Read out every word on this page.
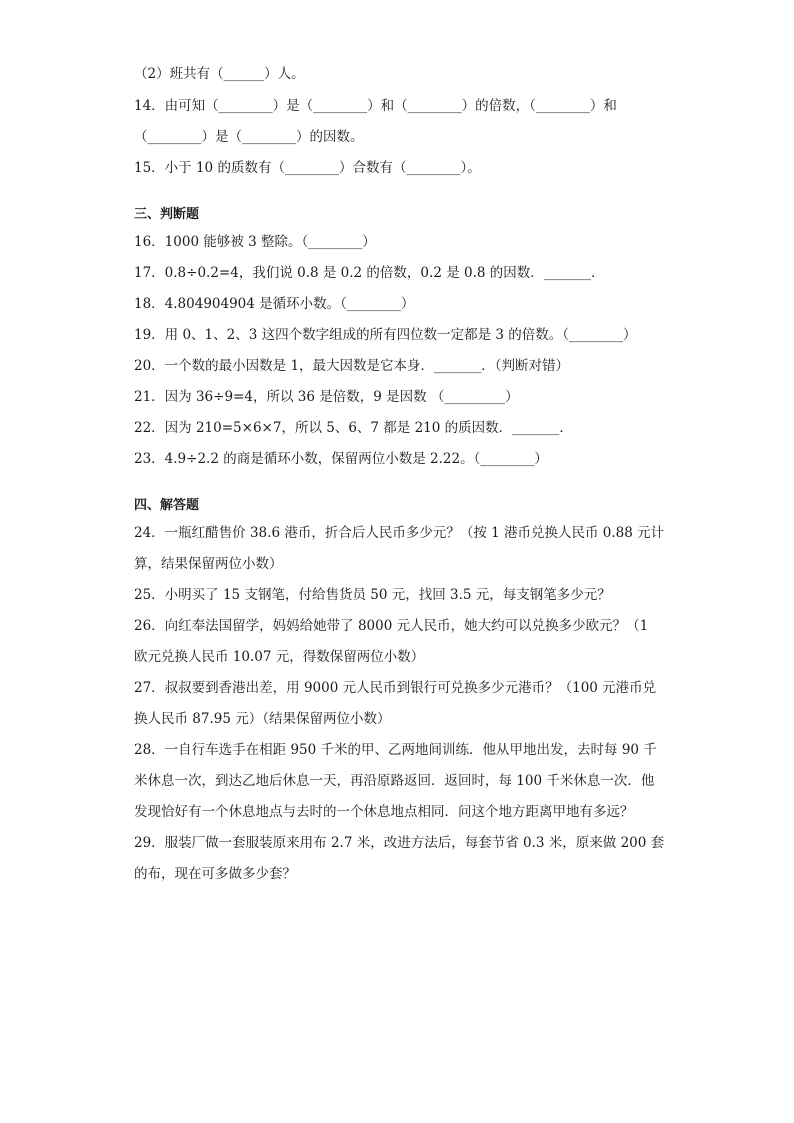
（2）班共有（______）人。
14．由可知（________）是（________）和（________）的倍数，（________）和
（________）是（________）的因数。
15．小于 10 的质数有（________）合数有（________）。
三、判断题
16．1000 能够被 3 整除。（________）
17．0.8÷0.2=4，我们说 0.8 是 0.2 的倍数，0.2 是 0.8 的因数．_______．
18．4.804904904 是循环小数。（________）
19．用 0、1、2、3 这四个数字组成的所有四位数一定都是 3 的倍数。（________）
20．一个数的最小因数是 1，最大因数是它本身．_______．（判断对错）
21．因为 36÷9=4，所以 36 是倍数，9 是因数 （_________）
22．因为 210=5×6×7，所以 5、6、7 都是 210 的质因数．_______．
23．4.9÷2.2 的商是循环小数，保留两位小数是 2.22。（________）
四、解答题
24．一瓶红醋售价 38.6 港币，折合后人民币多少元？（按 1 港币兑换人民币 0.88 元计
算，结果保留两位小数）
25．小明买了 15 支钢笔，付给售货员 50 元，找回 3.5 元，每支钢笔多少元？
26．向红奉法国留学，妈妈给她带了 8000 元人民币，她大约可以兑换多少欧元？（1
欧元兑换人民币 10.07 元，得数保留两位小数）
27．叔叔要到香港出差，用 9000 元人民币到银行可兑换多少元港币？（100 元港币兑
换人民币 87.95 元）（结果保留两位小数）
28．一自行车选手在相距 950 千米的甲、乙两地间训练．他从甲地出发，去时每 90 千
米休息一次，到达乙地后休息一天，再沿原路返回．返回时，每 100 千米休息一次．他
发现恰好有一个休息地点与去时的一个休息地点相同．问这个地方距离甲地有多远？
29．服装厂做一套服装原来用布 2.7 米，改进方法后，每套节省 0.3 米，原来做 200 套
的布，现在可多做多少套？
